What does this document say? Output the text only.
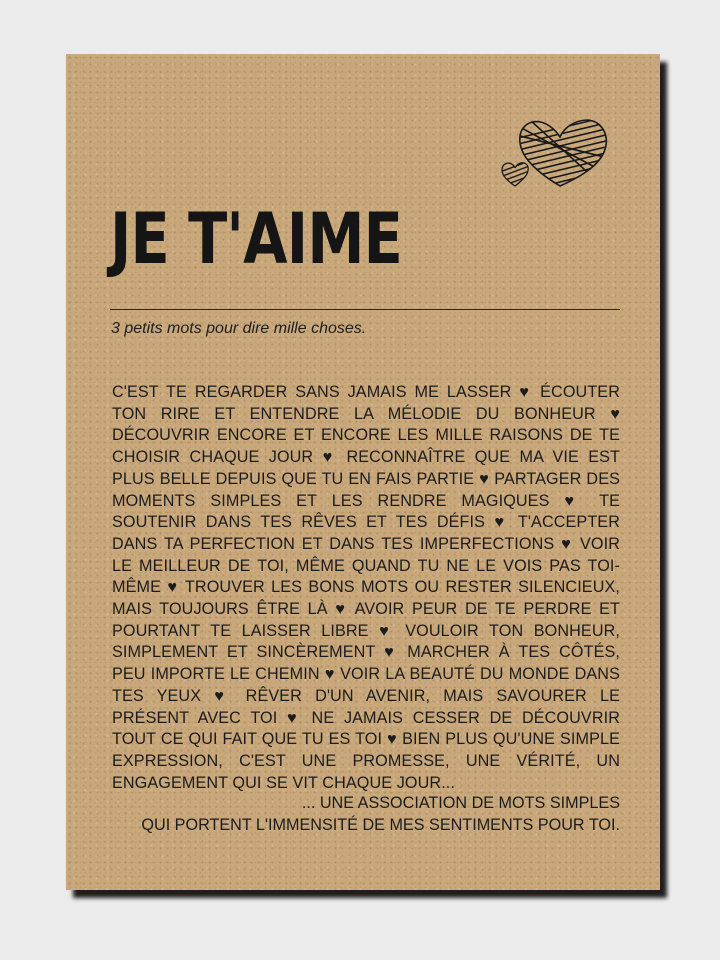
JE T'AIME

3 petits mots pour dire mille choses.

C'EST TE REGARDER SANS JAMAIS ME LASSER ♥ ÉCOUTER TON RIRE ET ENTENDRE LA MÉLODIE DU BONHEUR ♥ DÉCOUVRIR ENCORE ET ENCORE LES MILLE RAISONS DE TE CHOISIR CHAQUE JOUR ♥ RECONNAÎTRE QUE MA VIE EST PLUS BELLE DEPUIS QUE TU EN FAIS PARTIE ♥ PARTAGER DES MOMENTS SIMPLES ET LES RENDRE MAGIQUES ♥ TE SOUTENIR DANS TES RÊVES ET TES DÉFIS ♥ T'ACCEPTER DANS TA PERFECTION ET DANS TES IMPERFECTIONS ♥ VOIR LE MEILLEUR DE TOI, MÊME QUAND TU NE LE VOIS PAS TOI-MÊME ♥ TROUVER LES BONS MOTS OU RESTER SILENCIEUX, MAIS TOUJOURS ÊTRE LÀ ♥ AVOIR PEUR DE TE PERDRE ET POURTANT TE LAISSER LIBRE ♥ VOULOIR TON BONHEUR, SIMPLEMENT ET SINCÈREMENT ♥ MARCHER À TES CÔTÉS, PEU IMPORTE LE CHEMIN ♥ VOIR LA BEAUTÉ DU MONDE DANS TES YEUX ♥ RÊVER D'UN AVENIR, MAIS SAVOURER LE PRÉSENT AVEC TOI ♥ NE JAMAIS CESSER DE DÉCOUVRIR TOUT CE QUI FAIT QUE TU ES TOI ♥ BIEN PLUS QU'UNE SIMPLE EXPRESSION, C'EST UNE PROMESSE, UNE VÉRITÉ, UN ENGAGEMENT QUI SE VIT CHAQUE JOUR...

... UNE ASSOCIATION DE MOTS SIMPLES
QUI PORTENT L'IMMENSITÉ DE MES SENTIMENTS POUR TOI.
